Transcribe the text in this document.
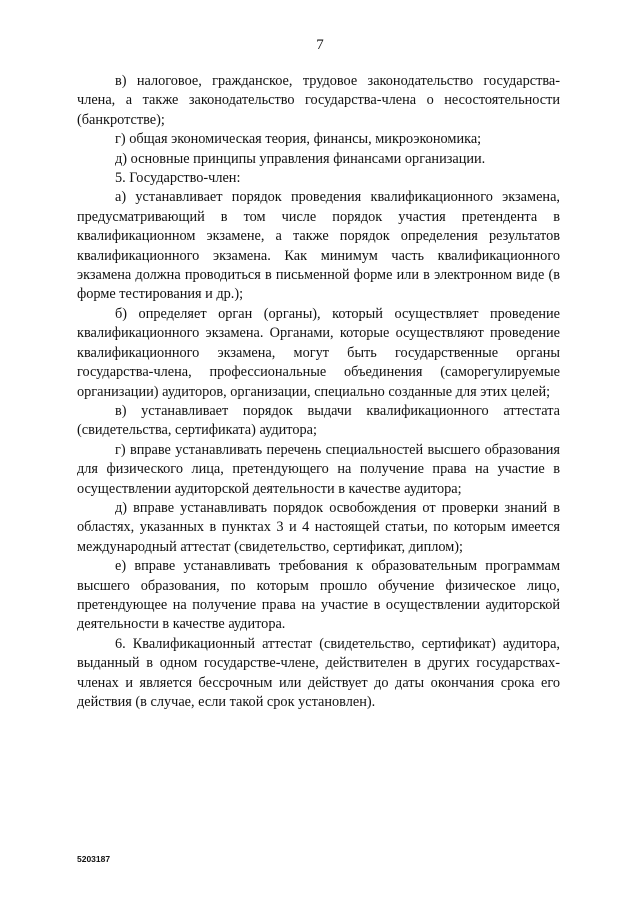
7

в) налоговое, гражданское, трудовое законодательство государства-члена, а также законодательство государства-члена о несостоятельности (банкротстве);

г) общая экономическая теория, финансы, микроэкономика;

д) основные принципы управления финансами организации.

5. Государство-член:

а) устанавливает порядок проведения квалификационного экзамена, предусматривающий в том числе порядок участия претендента в квалификационном экзамене, а также порядок определения результатов квалификационного экзамена. Как минимум часть квалификационного экзамена должна проводиться в письменной форме или в электронном виде (в форме тестирования и др.);

б) определяет орган (органы), который осуществляет проведение квалификационного экзамена. Органами, которые осуществляют проведение квалификационного экзамена, могут быть государственные органы государства-члена, профессиональные объединения (саморегулируемые организации) аудиторов, организации, специально созданные для этих целей;

в) устанавливает порядок выдачи квалификационного аттестата (свидетельства, сертификата) аудитора;

г) вправе устанавливать перечень специальностей высшего образования для физического лица, претендующего на получение права на участие в осуществлении аудиторской деятельности в качестве аудитора;

д) вправе устанавливать порядок освобождения от проверки знаний в областях, указанных в пунктах 3 и 4 настоящей статьи, по которым имеется международный аттестат (свидетельство, сертификат, диплом);

е) вправе устанавливать требования к образовательным программам высшего образования, по которым прошло обучение физическое лицо, претендующее на получение права на участие в осуществлении аудиторской деятельности в качестве аудитора.

6. Квалификационный аттестат (свидетельство, сертификат) аудитора, выданный в одном государстве-члене, действителен в других государствах-членах и является бессрочным или действует до даты окончания срока его действия (в случае, если такой срок установлен).

5203187
